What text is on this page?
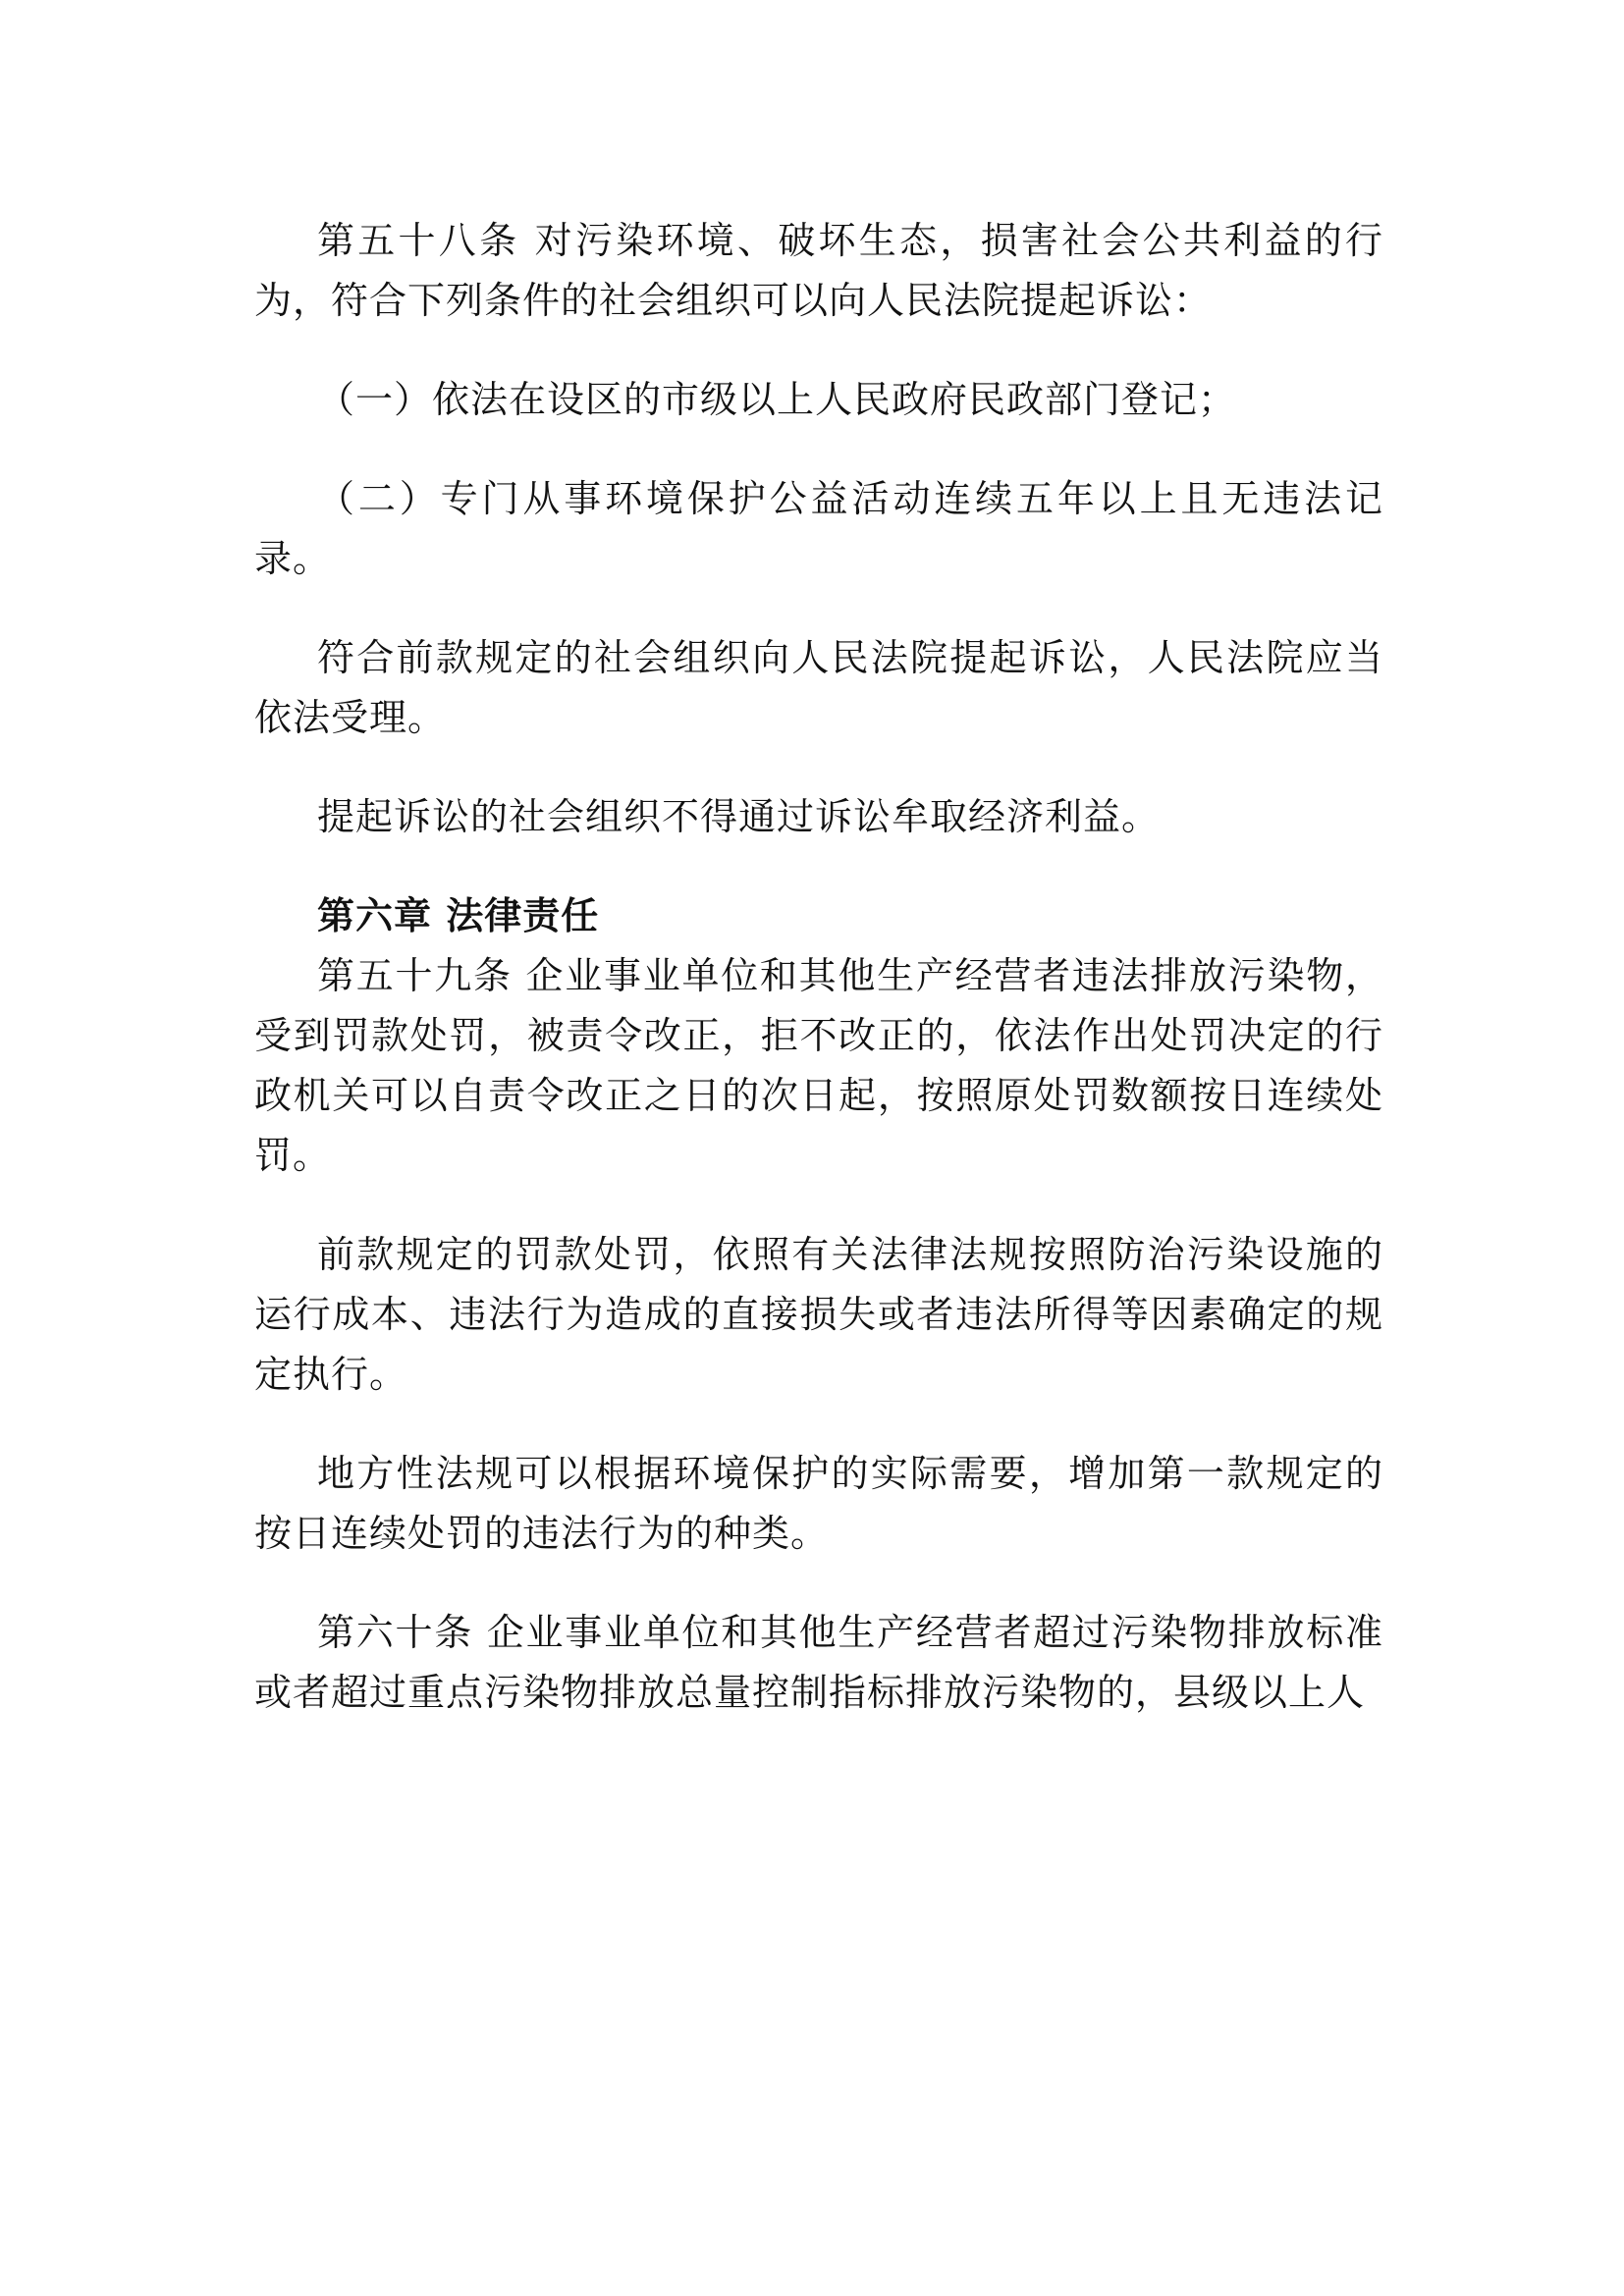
第五十八条 对污染环境、破坏生态，损害社会公共利益的行为，符合下列条件的社会组织可以向人民法院提起诉讼：

（一）依法在设区的市级以上人民政府民政部门登记；

（二）专门从事环境保护公益活动连续五年以上且无违法记录。

符合前款规定的社会组织向人民法院提起诉讼，人民法院应当依法受理。

提起诉讼的社会组织不得通过诉讼牟取经济利益。

第六章 法律责任

第五十九条 企业事业单位和其他生产经营者违法排放污染物，受到罚款处罚，被责令改正，拒不改正的，依法作出处罚决定的行政机关可以自责令改正之日的次日起，按照原处罚数额按日连续处罚。

前款规定的罚款处罚，依照有关法律法规按照防治污染设施的运行成本、违法行为造成的直接损失或者违法所得等因素确定的规定执行。

地方性法规可以根据环境保护的实际需要，增加第一款规定的按日连续处罚的违法行为的种类。

第六十条 企业事业单位和其他生产经营者超过污染物排放标准或者超过重点污染物排放总量控制指标排放污染物的，县级以上人
